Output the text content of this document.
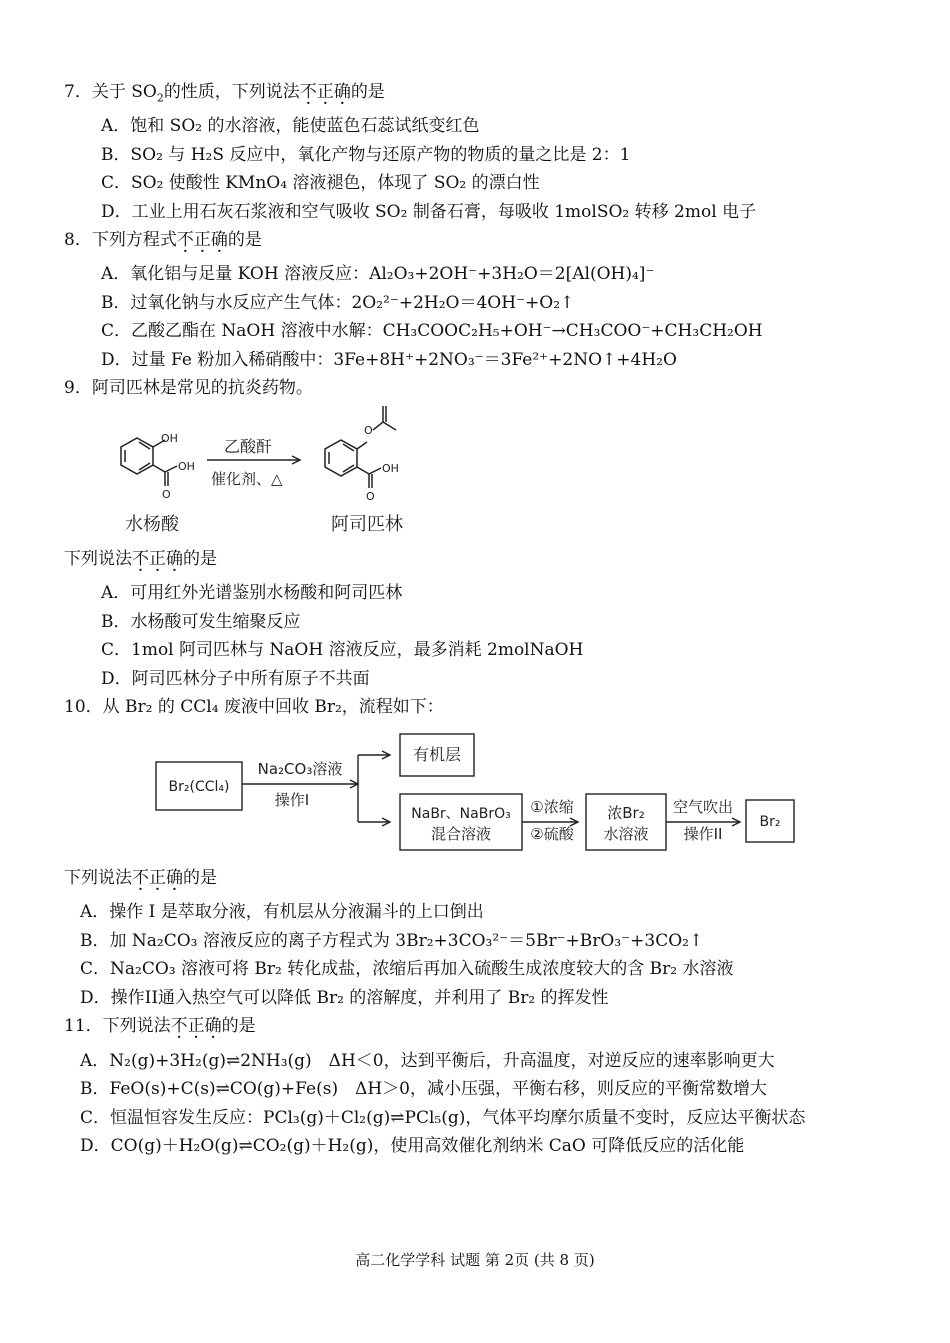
7．关于 $SO_2$的性质，下列说法不正确的是
A．饱和 SO₂ 的水溶液，能使蓝色石蕊试纸变红色
B．SO₂ 与 H₂S 反应中，氧化产物与还原产物的物质的量之比是 2：1
C．SO₂ 使酸性 KMnO₄ 溶液褪色，体现了 SO₂ 的漂白性
D．工业上用石灰石浆液和空气吸收 SO₂ 制备石膏，每吸收 1molSO₂ 转移 2mol 电子
8．下列方程式不正确的是
A．氧化铝与足量 KOH 溶液反应：Al₂O₃+2OH⁻+3H₂O＝2[Al(OH)₄]⁻
B．过氧化钠与水反应产生气体：2O₂²⁻+2H₂O＝4OH⁻+O₂↑
C．乙酸乙酯在 NaOH 溶液中水解：CH₃COOC₂H₅+OH⁻→CH₃COO⁻+CH₃CH₂OH
D．过量 Fe 粉加入稀硝酸中：3Fe+8H⁺+2NO₃⁻＝3Fe²⁺+2NO↑+4H₂O
9．阿司匹林是常见的抗炎药物。
OH
OH
O
O
OH
O
乙酸酐
催化剂、△
水杨酸	阿司匹林
下列说法不正确的是
A．可用红外光谱鉴别水杨酸和阿司匹林
B．水杨酸可发生缩聚反应
C．1mol 阿司匹林与 NaOH 溶液反应，最多消耗 2molNaOH
D．阿司匹林分子中所有原子不共面
10．从 Br₂ 的 CCl₄ 废液中回收 Br₂，流程如下：
Br₂(CCl₄)
Na₂CO₃溶液
操作I
有机层
NaBr、NaBrO₃
混合溶液
①浓缩
②硫酸
浓Br₂
水溶液
空气吹出
操作II
Br₂
下列说法不正确的是
A．操作 I 是萃取分液，有机层从分液漏斗的上口倒出
B．加 Na₂CO₃ 溶液反应的离子方程式为 3Br₂+3CO₃²⁻＝5Br⁻+BrO₃⁻+3CO₂↑
C．Na₂CO₃ 溶液可将 Br₂ 转化成盐，浓缩后再加入硫酸生成浓度较大的含 Br₂ 水溶液
D．操作II通入热空气可以降低 Br₂ 的溶解度，并利用了 Br₂ 的挥发性
11．下列说法不正确的是
A．N₂(g)+3H₂(g)⇌2NH₃(g)　ΔH＜0，达到平衡后，升高温度，对逆反应的速率影响更大
B．FeO(s)+C(s)⇌CO(g)+Fe(s)　ΔH＞0，减小压强，平衡右移，则反应的平衡常数增大
C．恒温恒容发生反应：PCl₃(g)＋Cl₂(g)⇌PCl₅(g)，气体平均摩尔质量不变时，反应达平衡状态
D．CO(g)＋H₂O(g)⇌CO₂(g)＋H₂(g)，使用高效催化剂纳米 CaO 可降低反应的活化能
高二化学学科 试题 第 2页 (共 8 页)
